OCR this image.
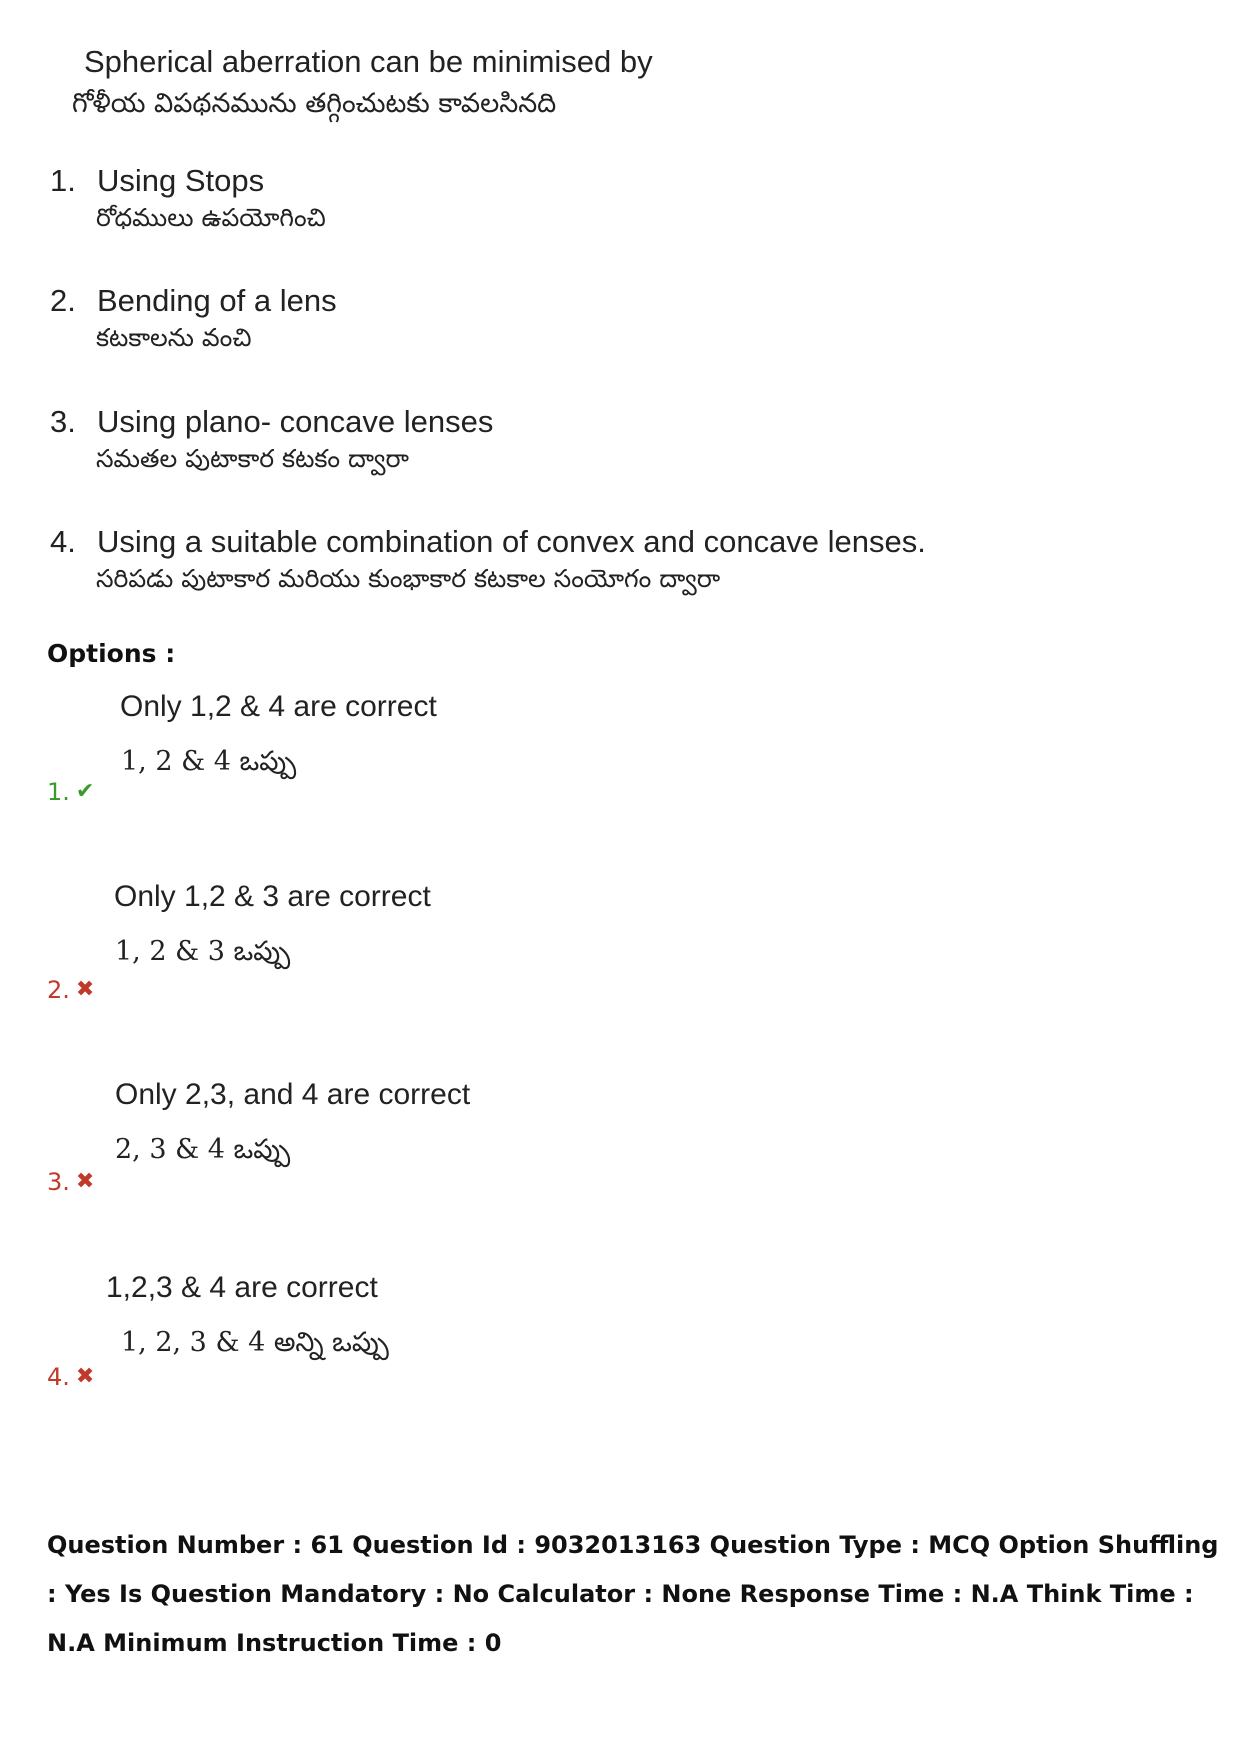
Spherical aberration can be minimised by
గోళీయ విపథనమును తగ్గించుటకు కావలసినది
1. Using Stops
రోధములు ఉపయోగించి
2. Bending of a lens
కటకాలను వంచి
3. Using plano- concave lenses
సమతల పుటాకార కటకం ద్వారా
4. Using a suitable combination of convex and concave lenses.
సరిపడు పుటాకార మరియు కుంభాకార కటకాల సంయోగం ద్వారా
Options :
Only 1,2 & 4 are correct
1, 2 & 4 ఒప్పు
1. ✔
Only 1,2 & 3 are correct
1, 2 & 3 ఒప్పు
2. ✖
Only 2,3, and 4 are correct
2, 3 & 4 ఒప్పు
3. ✖
1,2,3 & 4 are correct
1, 2, 3 & 4 అన్ని ఒప్పు
4. ✖
Question Number : 61 Question Id : 9032013163 Question Type : MCQ Option Shuffling : Yes Is Question Mandatory : No Calculator : None Response Time : N.A Think Time : N.A Minimum Instruction Time : 0
